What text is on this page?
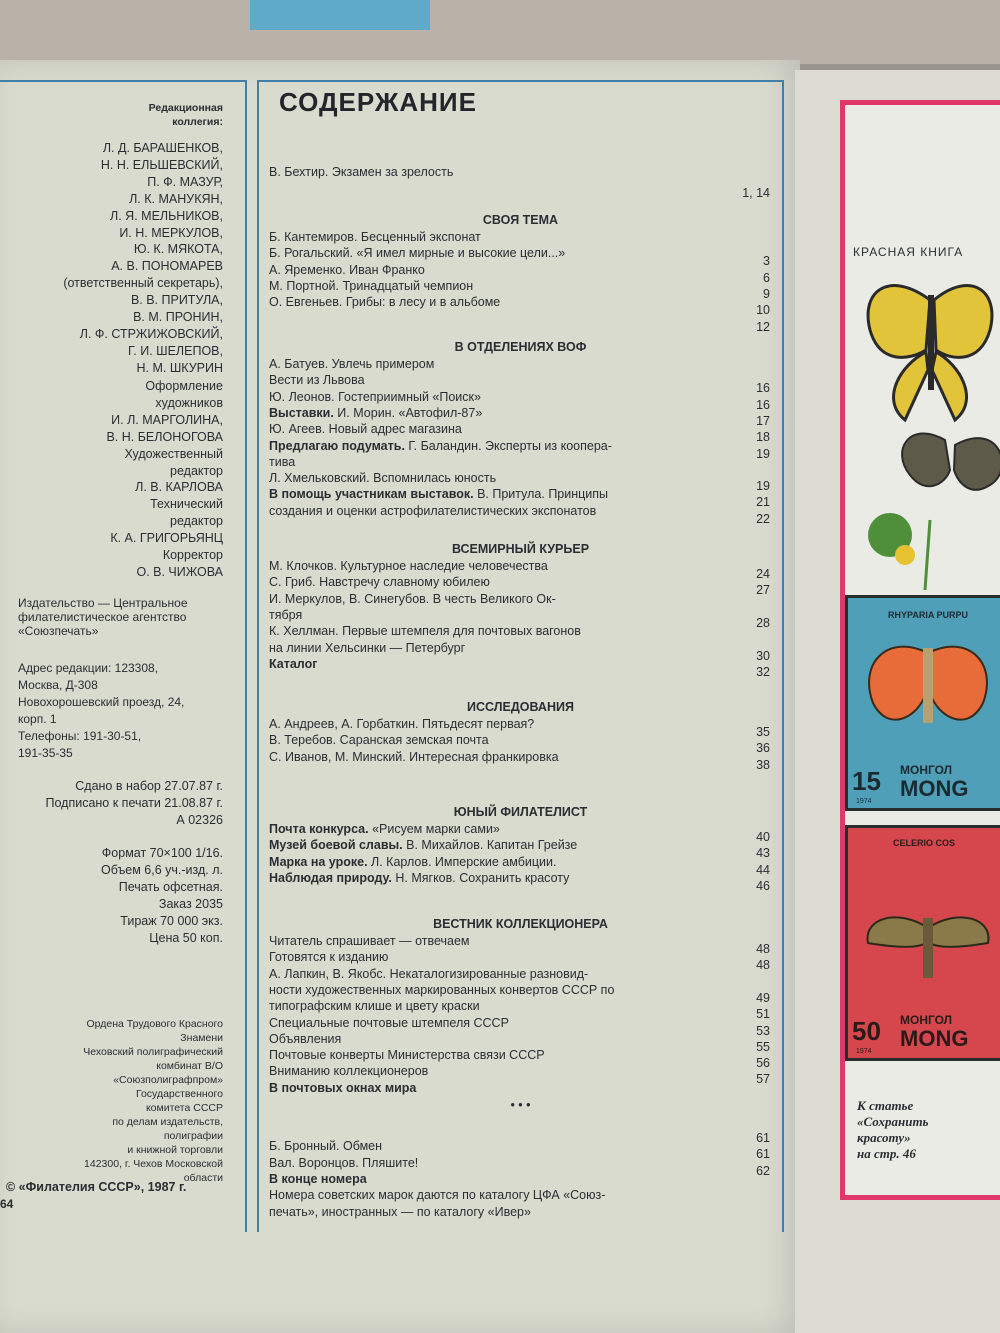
Редакционная
коллегия:
Л. Д. БАРАШЕНКОВ,
Н. Н. ЕЛЬШЕВСКИЙ,
П. Ф. МАЗУР,
Л. К. МАНУКЯН,
Л. Я. МЕЛЬНИКОВ,
И. Н. МЕРКУЛОВ,
Ю. К. МЯКОТА,
А. В. ПОНОМАРЕВ
(ответственный секретарь),
В. В. ПРИТУЛА,
В. М. ПРОНИН,
Л. Ф. СТРЖИЖОВСКИЙ,
Г. И. ШЕЛЕПОВ,
Н. М. ШКУРИН
Оформление
художников
И. Л. МАРГОЛИНА,
В. Н. БЕЛОНОГОВА
Художественный
редактор
Л. В. КАРЛОВА
Технический
редактор
К. А. ГРИГОРЬЯНЦ
Корректор
О. В. ЧИЖОВА
Издательство — Центральное
филателистическое агентство
«Союзпечать»
Адрес редакции: 123308,
Москва, Д-308
Новохорошевский проезд, 24,
корп. 1
Телефоны: 191-30-51,
191-35-35
Сдано в набор 27.07.87 г.
Подписано к печати 21.08.87 г.
А 02326
Формат 70×100 1/16.
Объем 6,6 уч.-изд. л.
Печать офсетная.
Заказ 2035
Тираж 70 000 экз.
Цена 50 коп.
Ордена Трудового Красного
Знамени
Чеховский полиграфический
комбинат В/О
«Союзполиграфпром»
Государственного
комитета СССР
по делам издательств,
полиграфии
и книжной торговли
142300, г. Чехов Московской
области
© «Филателия СССР», 1987 г.
64
СОДЕРЖАНИЕ
В. Бехтир. Экзамен за зрелость
1, 14
СВОЯ ТЕМА
Б. Кантемиров. Бесценный экспонат
Б. Рогальский. «Я имел мирные и высокие цели...»
3
А. Яременко. Иван Франко
6
М. Портной. Тринадцатый чемпион
9
О. Евгеньев. Грибы: в лесу и в альбоме
10
12
В ОТДЕЛЕНИЯХ ВОФ
А. Батуев. Увлечь примером
Вести из Львова
16
Ю. Леонов. Гостеприимный «Поиск»
16
Выставки. И. Морин. «Автофил-87»
17
Ю. Агеев. Новый адрес магазина
18
Предлагаю подумать. Г. Баландин. Эксперты из коопера-
19
тива
Л. Хмельковский. Вспомнилась юность
19
В помощь участникам выставок. В. Притула. Принципы
21
создания и оценки астрофилателистических экспонатов
22
ВСЕМИРНЫЙ КУРЬЕР
М. Клочков. Культурное наследие человечества
24
С. Гриб. Навстречу славному юбилею
27
И. Меркулов, В. Синегубов. В честь Великого Ок-
тября
28
К. Хеллман. Первые штемпеля для почтовых вагонов
на линии Хельсинки — Петербург
30
Каталог
32
ИССЛЕДОВАНИЯ
А. Андреев, А. Горбаткин. Пятьдесят первая?
35
В. Теребов. Саранская земская почта
36
С. Иванов, М. Минский. Интересная франкировка
38
ЮНЫЙ ФИЛАТЕЛИСТ
Почта конкурса. «Рисуем марки сами»
40
Музей боевой славы. В. Михайлов. Капитан Грейзе
43
Марка на уроке. Л. Карлов. Имперские амбиции.
44
Наблюдая природу. Н. Мягков. Сохранить красоту
46
ВЕСТНИК КОЛЛЕКЦИОНЕРА
Читатель спрашивает — отвечаем
48
Готовятся к изданию
48
А. Лапкин, В. Якобс. Некаталогизированные разновид-
ности художественных маркированных конвертов СССР по
49
типографским клише и цвету краски
51
Специальные почтовые штемпеля СССР
53
Объявления
55
Почтовые конверты Министерства связи СССР
56
Вниманию коллекционеров
57
В почтовых окнах мира
• • •
61
Б. Бронный. Обмен
61
Вал. Воронцов. Пляшите!
62
В конце номера
Номера советских марок даются по каталогу ЦФА «Союз-
печать», иностранных — по каталогу «Ивер»
КРАСНАЯ КНИГА
RHYPARIA PURPU
15 МОНГОЛ
MONG
1974
CELERIO COS
50 МОНГОЛ
MONG
1974
К статье
«Сохранить
красоту»
на стр. 46
